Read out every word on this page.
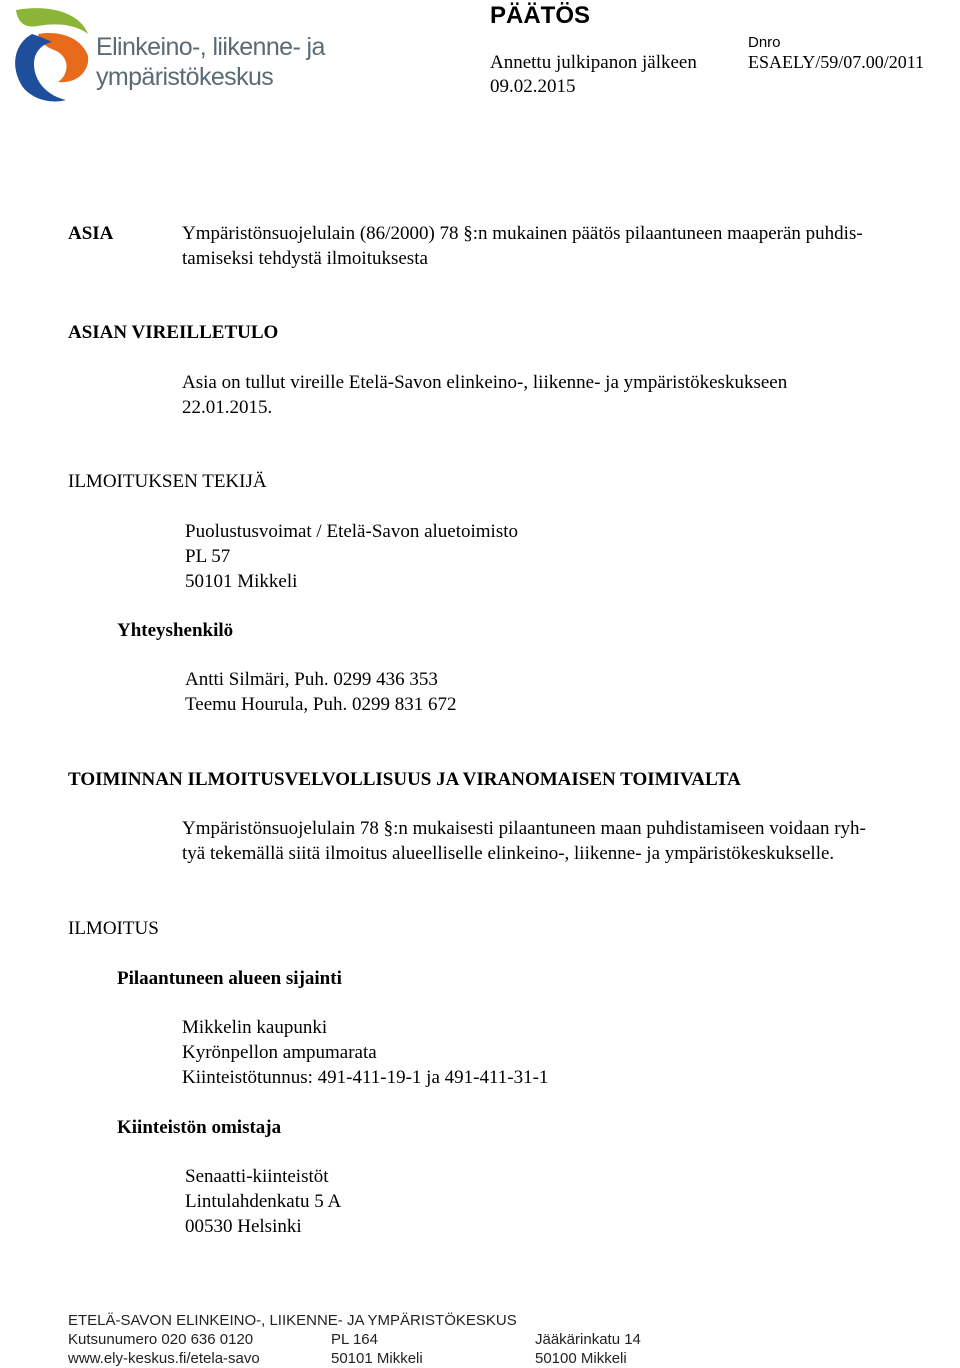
Elinkeino-, liikenne- ja
ympäristökeskus
PÄÄTÖS
Annettu julkipanon jälkeen
09.02.2015
Dnro
ESAELY/59/07.00/2011
ASIA	Ympäristönsuojelulain (86/2000) 78 §:n mukainen päätös pilaantuneen maaperän puhdis-
tamiseksi tehdystä ilmoituksesta
ASIAN VIREILLETULO
Asia on tullut vireille Etelä-Savon elinkeino-, liikenne- ja ympäristökeskukseen
22.01.2015.
ILMOITUKSEN TEKIJÄ
Puolustusvoimat / Etelä-Savon aluetoimisto
PL 57
50101 Mikkeli
Yhteyshenkilö
Antti Silmäri, Puh. 0299 436 353
Teemu Hourula, Puh. 0299 831 672
TOIMINNAN ILMOITUSVELVOLLISUUS JA VIRANOMAISEN TOIMIVALTA
Ympäristönsuojelulain 78 §:n mukaisesti pilaantuneen maan puhdistamiseen voidaan ryh-
tyä tekemällä siitä ilmoitus alueelliselle elinkeino-, liikenne- ja ympäristökeskukselle.
ILMOITUS
Pilaantuneen alueen sijainti
Mikkelin kaupunki
Kyrönpellon ampumarata
Kiinteistötunnus: 491-411-19-1 ja 491-411-31-1
Kiinteistön omistaja
Senaatti-kiinteistöt
Lintulahdenkatu 5 A
00530 Helsinki
ETELÄ-SAVON ELINKEINO-, LIIKENNE- JA YMPÄRISTÖKESKUS
Kutsunumero 020 636 0120
www.ely-keskus.fi/etela-savo
PL 164
50101 Mikkeli
Jääkärinkatu 14
50100 Mikkeli
